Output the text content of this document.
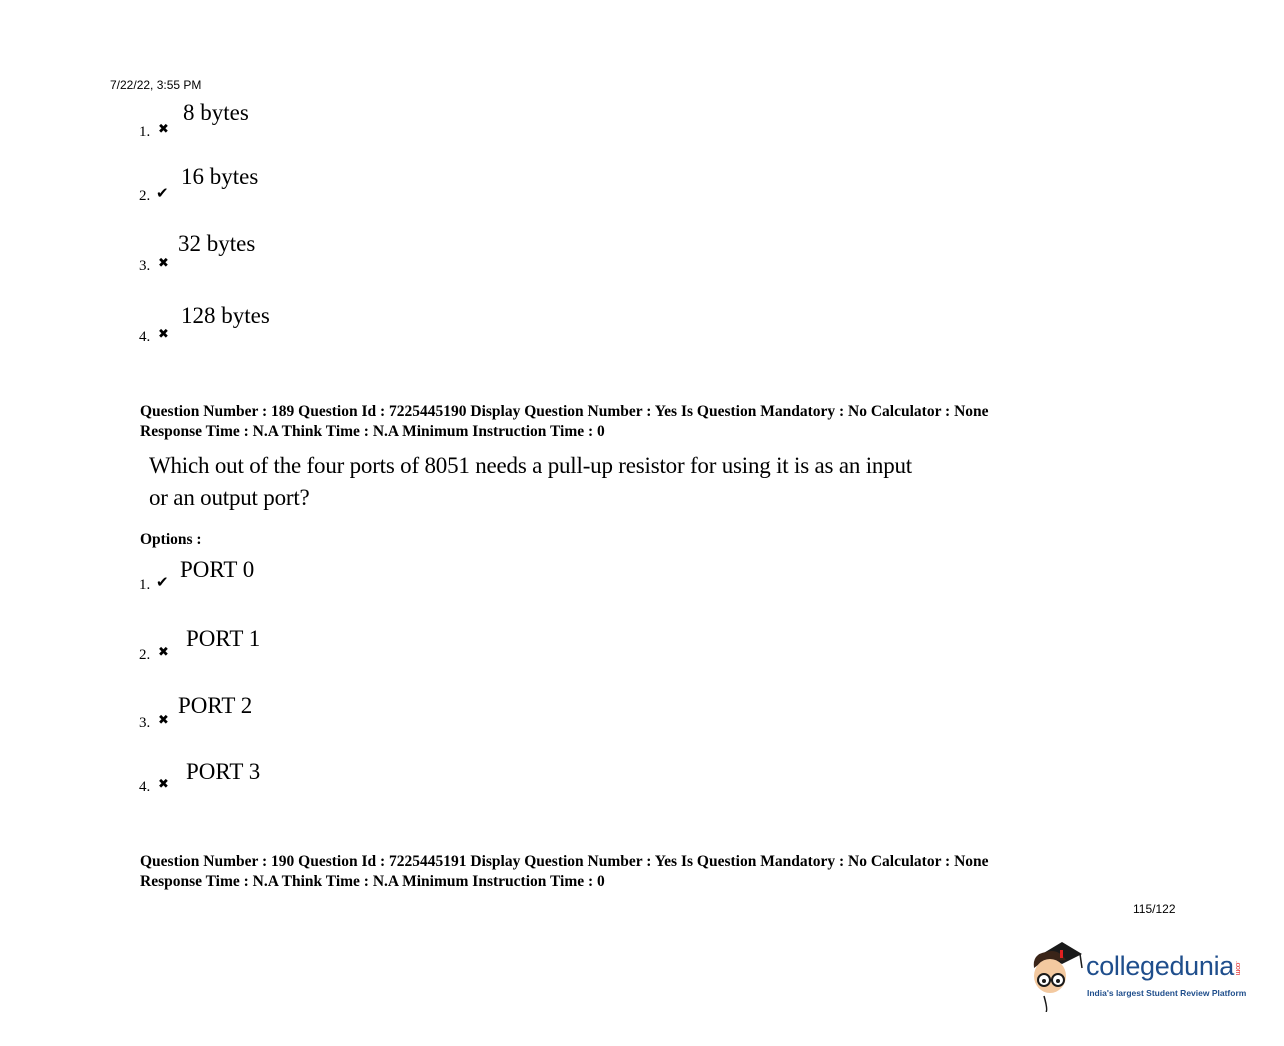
7/22/22, 3:55 PM
1. ✖
8 bytes
2. ✔
16 bytes
3. ✖
32 bytes
4. ✖
128 bytes
Question Number : 189 Question Id : 7225445190 Display Question Number : Yes Is Question Mandatory : No Calculator : None
Response Time : N.A Think Time : N.A Minimum Instruction Time : 0
Which out of the four ports of 8051 needs a pull-up resistor for using it is as an input
or an output port?
Options :
1. ✔ PORT 0
2. ✖
PORT 1
3. ✖
PORT 2
4. ✖
PORT 3
Question Number : 190 Question Id : 7225445191 Display Question Number : Yes Is Question Mandatory : No Calculator : None
Response Time : N.A Think Time : N.A Minimum Instruction Time : 0
115/122
collegedunia.com
India's largest Student Review Platform
